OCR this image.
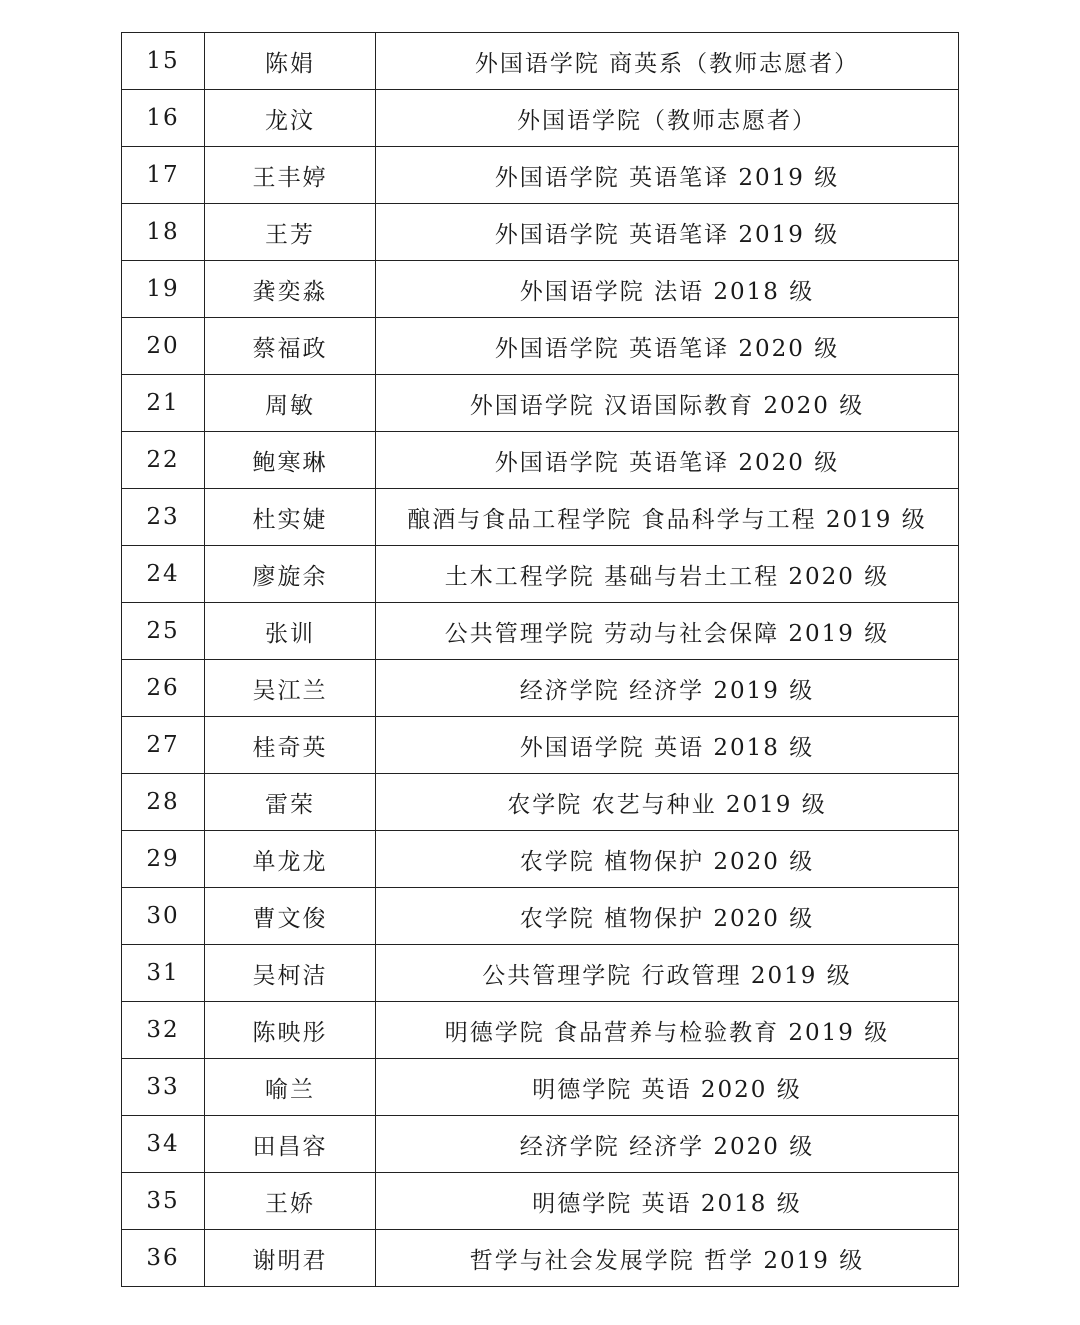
15	陈娟	外国语学院 商英系（教师志愿者）
16	龙汶	外国语学院（教师志愿者）
17	王丰婷	外国语学院 英语笔译 2019 级
18	王芳	外国语学院 英语笔译 2019 级
19	龚奕淼	外国语学院 法语 2018 级
20	蔡福政	外国语学院 英语笔译 2020 级
21	周敏	外国语学院 汉语国际教育 2020 级
22	鲍寒琳	外国语学院 英语笔译 2020 级
23	杜实婕	酿酒与食品工程学院 食品科学与工程 2019 级
24	廖旋余	土木工程学院 基础与岩土工程 2020 级
25	张训	公共管理学院 劳动与社会保障 2019 级
26	吴江兰	经济学院 经济学 2019 级
27	桂奇英	外国语学院 英语 2018 级
28	雷荣	农学院 农艺与种业 2019 级
29	单龙龙	农学院 植物保护 2020 级
30	曹文俊	农学院 植物保护 2020 级
31	吴柯洁	公共管理学院 行政管理 2019 级
32	陈映彤	明德学院 食品营养与检验教育 2019 级
33	喻兰	明德学院 英语 2020 级
34	田昌容	经济学院 经济学 2020 级
35	王娇	明德学院 英语 2018 级
36	谢明君	哲学与社会发展学院 哲学 2019 级
